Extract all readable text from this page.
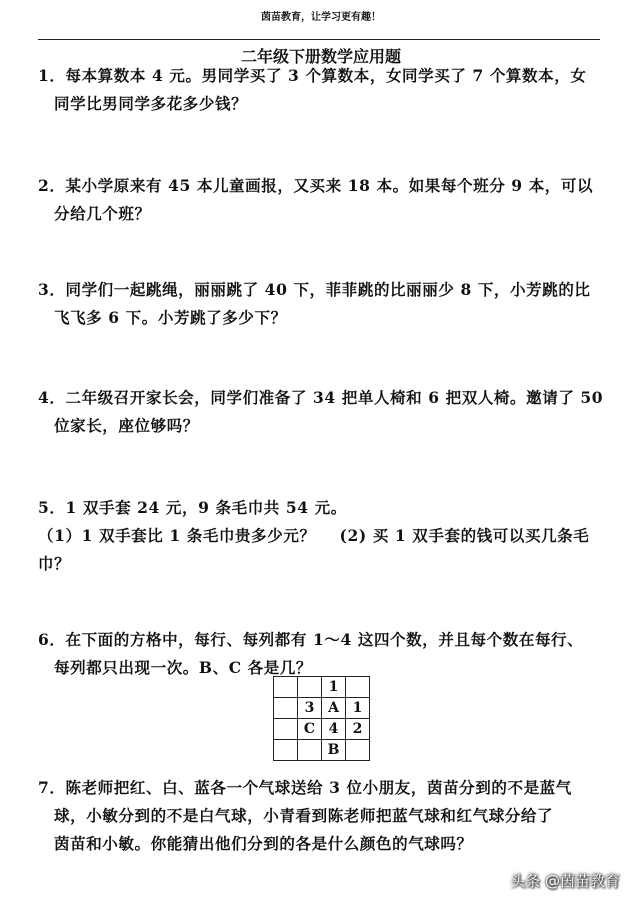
茵苗教育，让学习更有趣！
二年级下册数学应用题
1．每本算数本 4 元。男同学买了 3 个算数本，女同学买了 7 个算数本，女
同学比男同学多花多少钱？
2．某小学原来有 45 本儿童画报，又买来 18 本。如果每个班分 9 本，可以
分给几个班？
3．同学们一起跳绳，丽丽跳了 40 下，菲菲跳的比丽丽少 8 下，小芳跳的比
飞飞多 6 下。小芳跳了多少下？
4．二年级召开家长会，同学们准备了 34 把单人椅和 6 把双人椅。邀请了 50
位家长，座位够吗？
5．1 双手套 24 元，9 条毛巾共 54 元。
（1）1 双手套比 1 条毛巾贵多少元？ (2) 买 1 双手套的钱可以买几条毛
巾？
6．在下面的方格中，每行、每列都有 1～4 这四个数，并且每个数在每行、
每列都只出现一次。B、C 各是几？
		1	
	3	A	1
	C	4	2
		B	
7．陈老师把红、白、蓝各一个气球送给 3 位小朋友，茵苗分到的不是蓝气
球，小敏分到的不是白气球，小青看到陈老师把蓝气球和红气球分给了
茵苗和小敏。你能猜出他们分到的各是什么颜色的气球吗？
头条 @茵苗教育
